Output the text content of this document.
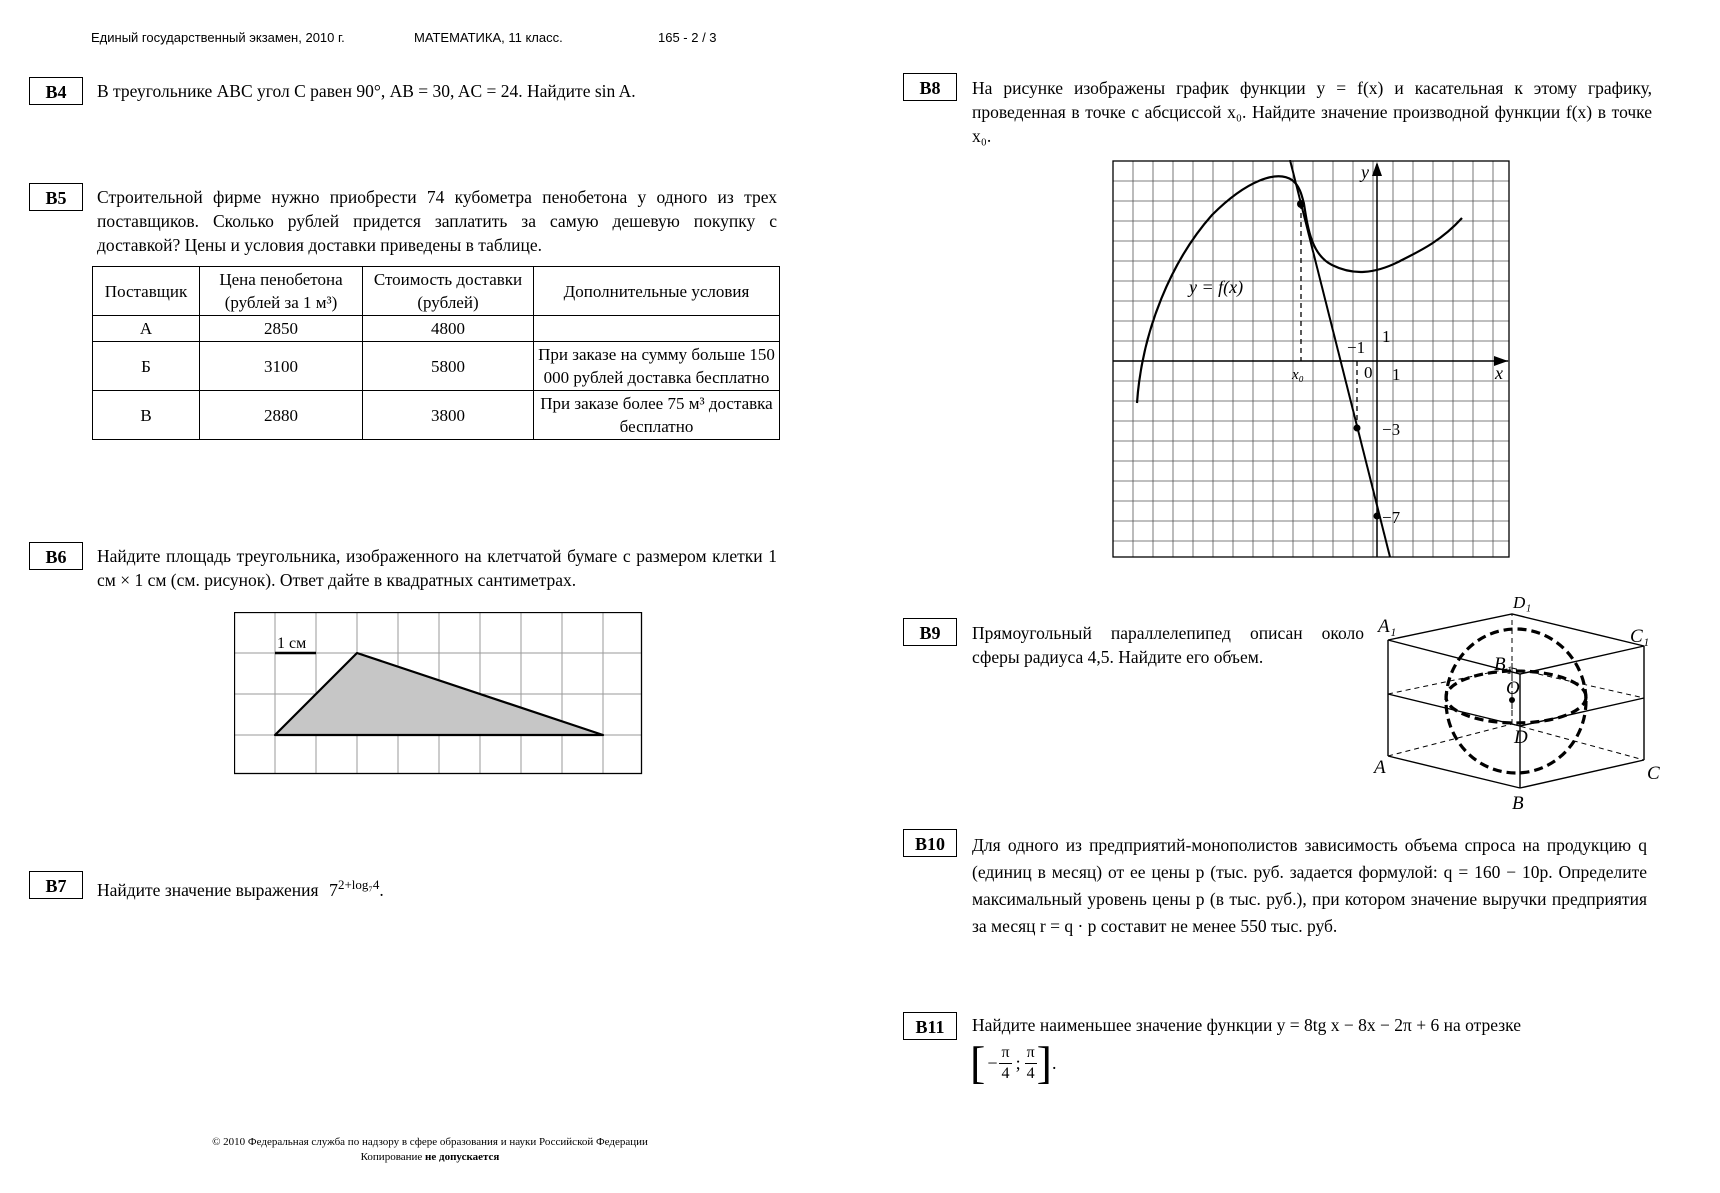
Единый государственный экзамен, 2010 г.	МАТЕМАТИКА, 11 класс.	165 - 2 / 3
B4	В треугольнике ABC угол C равен 90°, AB = 30, AC = 24. Найдите sin A.
B5	Строительной фирме нужно приобрести 74 кубометра пенобетона у одного из трех поставщиков. Сколько рублей придется заплатить за самую дешевую покупку с доставкой? Цены и условия доставки приведены в таблице.
Поставщик	Цена пенобетона (рублей за 1 м³)	Стоимость доставки (рублей)	Дополнительные условия
А	2850	4800	
Б	3100	5800	При заказе на сумму больше 150 000 рублей доставка бесплатно
В	2880	3800	При заказе более 75 м³ доставка бесплатно
B6	Найдите площадь треугольника, изображенного на клетчатой бумаге с размером клетки 1 см × 1 см (см. рисунок). Ответ дайте в квадратных сантиметрах.
1 см
B7	Найдите значение выражения $7^{2+log_74}$.
B8	На рисунке изображены график функции y = f(x) и касательная к этому графику, проведенная в точке с абсциссой x₀. Найдите значение производной функции f(x) в точке x₀.
y = f(x)
y
x
x₀	0 1
−1
1
−3
−7
B9	Прямоугольный параллелепипед описан около сферы радиуса 4,5. Найдите его объем.
A₁
D₁
C₁
B₁
O
D
A
B
C
B10	Для одного из предприятий-монополистов зависимость объема спроса на продукцию q (единиц в месяц) от ее цены p (тыс. руб. задается формулой: q = 160 − 10p. Определите максимальный уровень цены p (в тыс. руб.), при котором значение выручки предприятия за месяц r = q · p составит не менее 550 тыс. руб.
B11	Найдите наименьшее значение функции y = 8tg x − 8x − 2π + 6 на отрезке
[ − $\frac{\pi}{4}$ ; $\frac{\pi}{4}$ ] .
© 2010 Федеральная служба по надзору в сфере образования и науки Российской Федерации
Копирование не допускается
